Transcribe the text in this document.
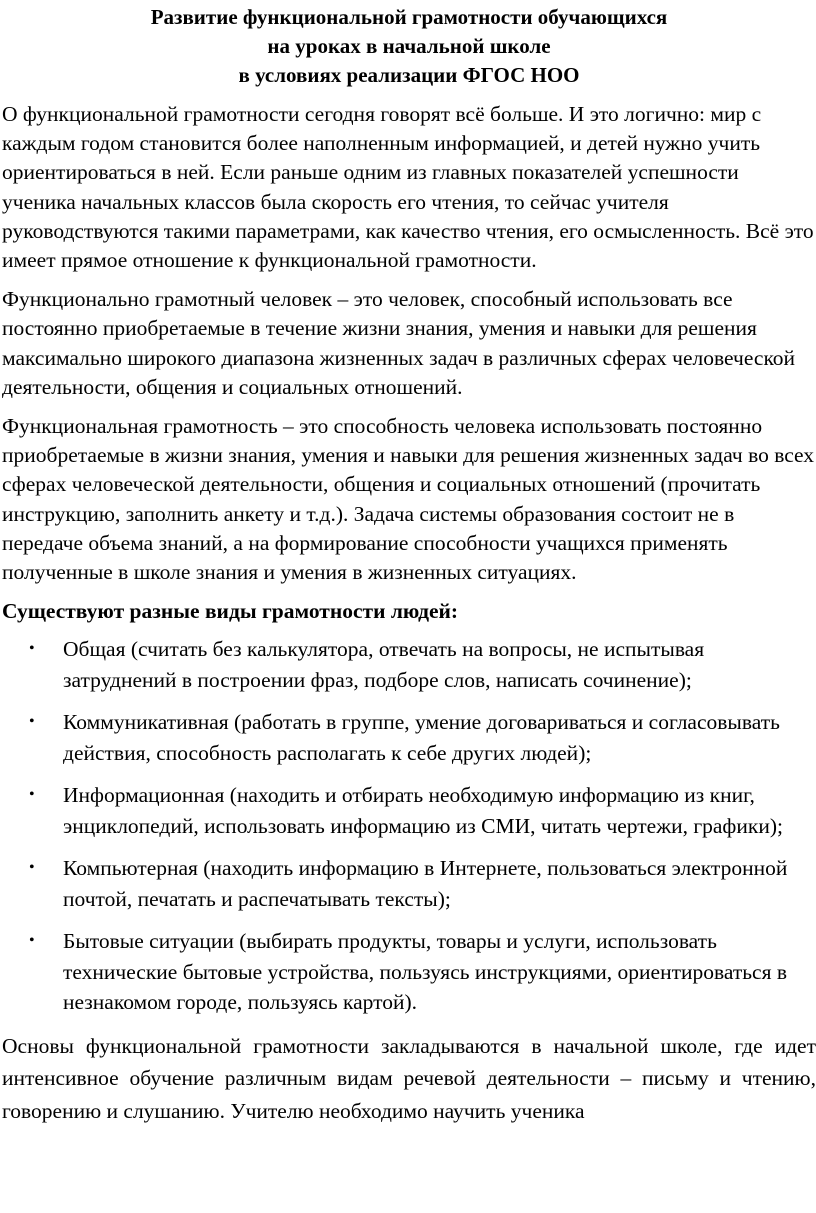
Развитие функциональной грамотности обучающихся
на уроках в начальной школе
в условиях реализации ФГОС НОО

О функциональной грамотности сегодня говорят всё больше. И это логично: мир с каждым годом становится более наполненным информацией, и детей нужно учить ориентироваться в ней. Если раньше одним из главных показателей успешности ученика начальных классов была скорость его чтения, то сейчас учителя руководствуются такими параметрами, как качество чтения, его осмысленность. Всё это имеет прямое отношение к функциональной грамотности.

Функционально грамотный человек – это человек, способный использовать все постоянно приобретаемые в течение жизни знания, умения и навыки для решения максимально широкого диапазона жизненных задач в различных сферах человеческой деятельности, общения и социальных отношений.

Функциональная грамотность – это способность человека использовать постоянно приобретаемые в жизни знания, умения и навыки для решения жизненных задач во всех сферах человеческой деятельности, общения и социальных отношений (прочитать инструкцию, заполнить анкету и т.д.). Задача системы образования состоит не в передаче объема знаний, а на формирование способности учащихся применять полученные в школе знания и умения в жизненных ситуациях.

Существуют разные виды грамотности людей:

• Общая (считать без калькулятора, отвечать на вопросы, не испытывая затруднений в построении фраз, подборе слов, написать сочинение);
• Коммуникативная (работать в группе, умение договариваться и согласовывать действия, способность располагать к себе других людей);
• Информационная (находить и отбирать необходимую информацию из книг, энциклопедий, использовать информацию из СМИ, читать чертежи, графики);
• Компьютерная (находить информацию в Интернете, пользоваться электронной почтой, печатать и распечатывать тексты);
• Бытовые ситуации (выбирать продукты, товары и услуги, использовать технические бытовые устройства, пользуясь инструкциями, ориентироваться в незнакомом городе, пользуясь картой).

Основы функциональной грамотности закладываются в начальной школе, где идет интенсивное обучение различным видам речевой деятельности – письму и чтению, говорению и слушанию. Учителю необходимо научить ученика
